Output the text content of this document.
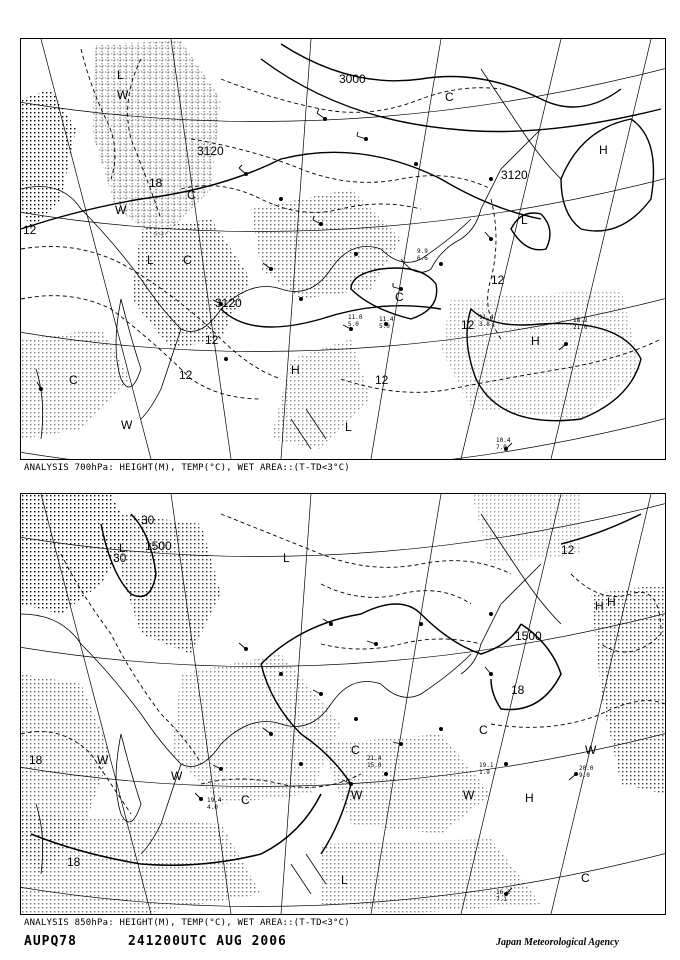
3000
3120
3120
3120
12
18
12
12
12
12
12
H
H
H
L
L
L
C
C
C
C
W
W
W
C
L
11.4
3.8
18.2
21.0
10.4
7.0
11.0
5.0
11.4
5.0
9.9
6.6
ANALYSIS 700hPa: HEIGHT(M), TEMP(°C), WET AREA::(T-TD<3°C)
1500
1500
30
30
18
18
18
12
H
H
H
L
L
L
C
C
C
W
W
W
W
C	W
20.0
9.0
19.1
1.9
16.2
7.1
19.4
4.0
21.4
15.0
ANALYSIS 850hPa: HEIGHT(M), TEMP(°C), WET AREA::(T-TD<3°C)
AUPQ78	241200UTC AUG 2006	Japan Meteorological Agency
